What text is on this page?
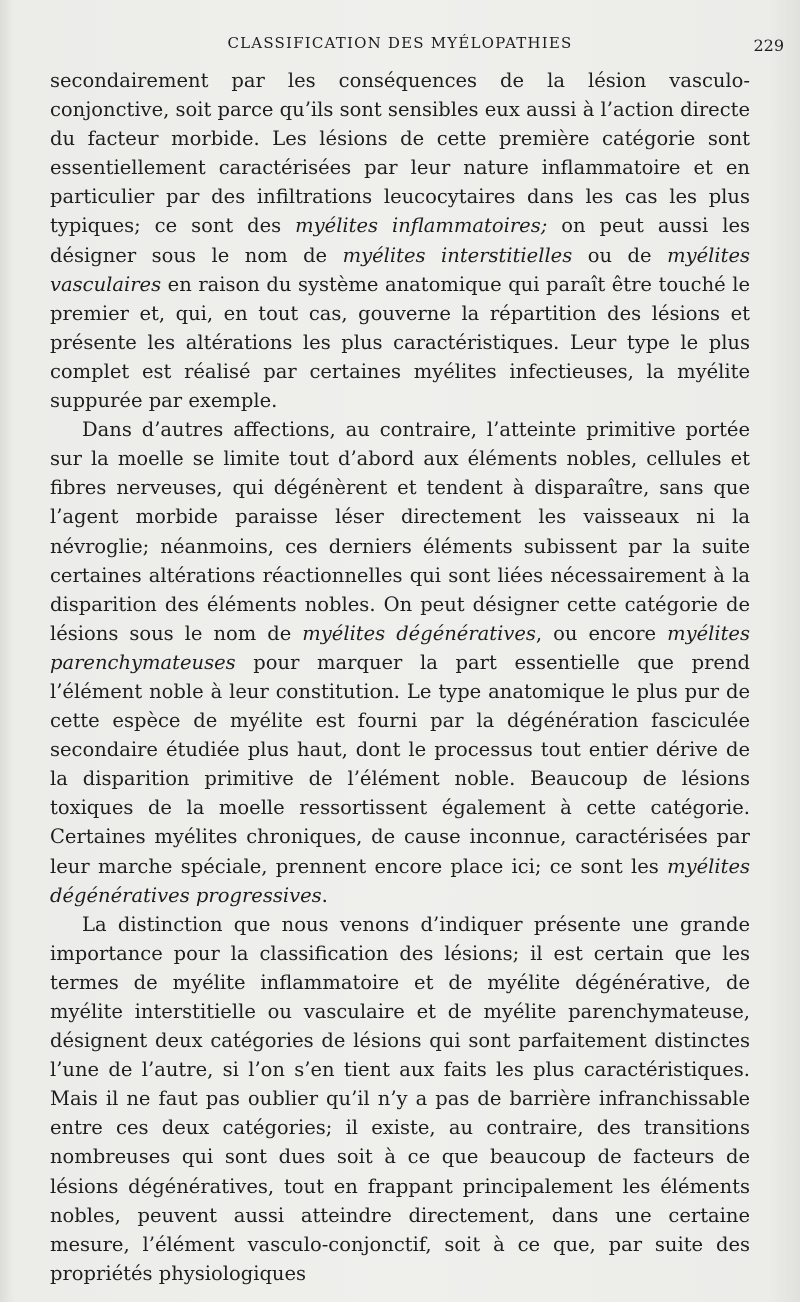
CLASSIFICATION DES MYÉLOPATHIES	229

secondairement par les conséquences de la lésion vasculo-conjonctive, soit parce qu’ils sont sensibles eux aussi à l’action directe du facteur morbide. Les lésions de cette première catégorie sont essentiellement caractérisées par leur nature inflammatoire et en particulier par des infiltrations leucocytaires dans les cas les plus typiques; ce sont des myélites inflammatoires; on peut aussi les désigner sous le nom de myélites interstitielles ou de myélites vasculaires en raison du système anatomique qui paraît être touché le premier et, qui, en tout cas, gouverne la répartition des lésions et présente les altérations les plus caractéristiques. Leur type le plus complet est réalisé par certaines myélites infectieuses, la myélite suppurée par exemple.

Dans d’autres affections, au contraire, l’atteinte primitive portée sur la moelle se limite tout d’abord aux éléments nobles, cellules et fibres nerveuses, qui dégénèrent et tendent à disparaître, sans que l’agent morbide paraisse léser directement les vaisseaux ni la névroglie; néanmoins, ces derniers éléments subissent par la suite certaines altérations réactionnelles qui sont liées nécessairement à la disparition des éléments nobles. On peut désigner cette catégorie de lésions sous le nom de myélites dégénératives, ou encore myélites parenchymateuses pour marquer la part essentielle que prend l’élément noble à leur constitution. Le type anatomique le plus pur de cette espèce de myélite est fourni par la dégénération fasciculée secondaire étudiée plus haut, dont le processus tout entier dérive de la disparition primitive de l’élément noble. Beaucoup de lésions toxiques de la moelle ressortissent également à cette catégorie. Certaines myélites chroniques, de cause inconnue, caractérisées par leur marche spéciale, prennent encore place ici; ce sont les myélites dégénératives progressives.

La distinction que nous venons d’indiquer présente une grande importance pour la classification des lésions; il est certain que les termes de myélite inflammatoire et de myélite dégénérative, de myélite interstitielle ou vasculaire et de myélite parenchymateuse, désignent deux catégories de lésions qui sont parfaitement distinctes l’une de l’autre, si l’on s’en tient aux faits les plus caractéristiques. Mais il ne faut pas oublier qu’il n’y a pas de barrière infranchissable entre ces deux catégories; il existe, au contraire, des transitions nombreuses qui sont dues soit à ce que beaucoup de facteurs de lésions dégénératives, tout en frappant principalement les éléments nobles, peuvent aussi atteindre directement, dans une certaine mesure, l’élément vasculo-conjonctif, soit à ce que, par suite des propriétés physiologiques
